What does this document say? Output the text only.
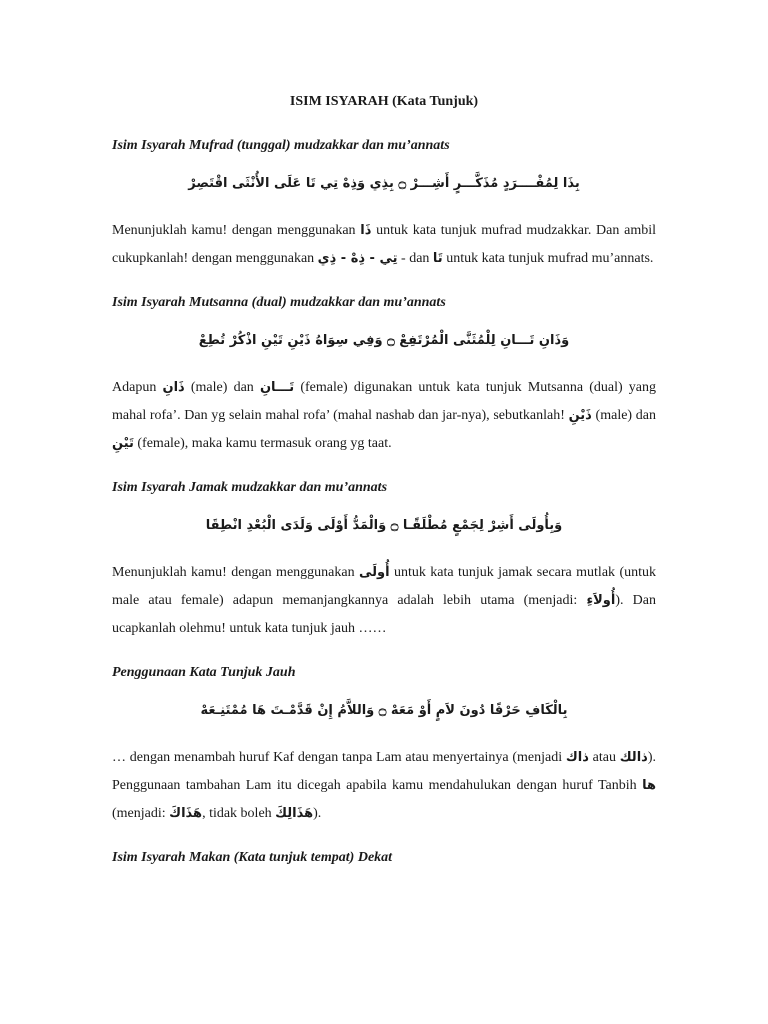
ISIM ISYARAH (Kata Tunjuk)
Isim Isyarah Mufrad (tunggal) mudzakkar dan mu’annats
بِذَا لِمُفْــــرَدٍ مُذَكَّـــرٍ أَشِـــرْ ۝ بِذِي وَذِهْ تِي تَا عَلَى الأُنْثَى اقْتَصِرْ
Menunjuklah kamu! dengan menggunakan ذَا untuk kata tunjuk mufrad mudzakkar. Dan ambil cukupkanlah! dengan menggunakan تِي - ذِهْ - ذِي - dan تَا untuk kata tunjuk mufrad mu’annats.
Isim Isyarah Mutsanna (dual) mudzakkar dan mu’annats
وَذَانِ تَـــانِ لِلْمُثَنَّى الْمُرْتَفِعْ ۝ وَفِي سِوَاهُ ذَيْنِ تَيْنِ اذْكُرْ تُطِعْ
Adapun ذَانِ (male) dan تَـــانِ (female) digunakan untuk kata tunjuk Mutsanna (dual) yang mahal rofa’. Dan yg selain mahal rofa’ (mahal nashab dan jar-nya), sebutkanlah! ذَيْنِ (male) dan تَيْنِ (female), maka kamu termasuk orang yg taat.
Isim Isyarah Jamak mudzakkar dan mu’annats
وَبِأُولَى أَشِرْ لِجَمْعٍ مُطْلَقًـا ۝ وَالْمَدُّ أَوْلَى وَلَدَى الْبُعْدِ انْطِقَا
Menunjuklah kamu! dengan menggunakan أُولَى untuk kata tunjuk jamak secara mutlak (untuk male atau female) adapun memanjangkannya adalah lebih utama (menjadi: أُولاَءِ). Dan ucapkanlah olehmu! untuk kata tunjuk jauh ……
Penggunaan Kata Tunjuk Jauh
بِالْكَافِ حَرْفًا دُونَ لاَمٍ أَوْ مَعَهْ ۝ وَاللاَّمُ إِنْ قَدَّمْـتَ هَا مُمْتَنِـعَهْ
… dengan menambah huruf Kaf dengan tanpa Lam atau menyertainya (menjadi ذاك atau ذالك). Penggunaan tambahan Lam itu dicegah apabila kamu mendahulukan dengan huruf Tanbih ها (menjadi: هَذَاكَ, tidak boleh هَذَالِكَ).
Isim Isyarah Makan (Kata tunjuk tempat) Dekat
